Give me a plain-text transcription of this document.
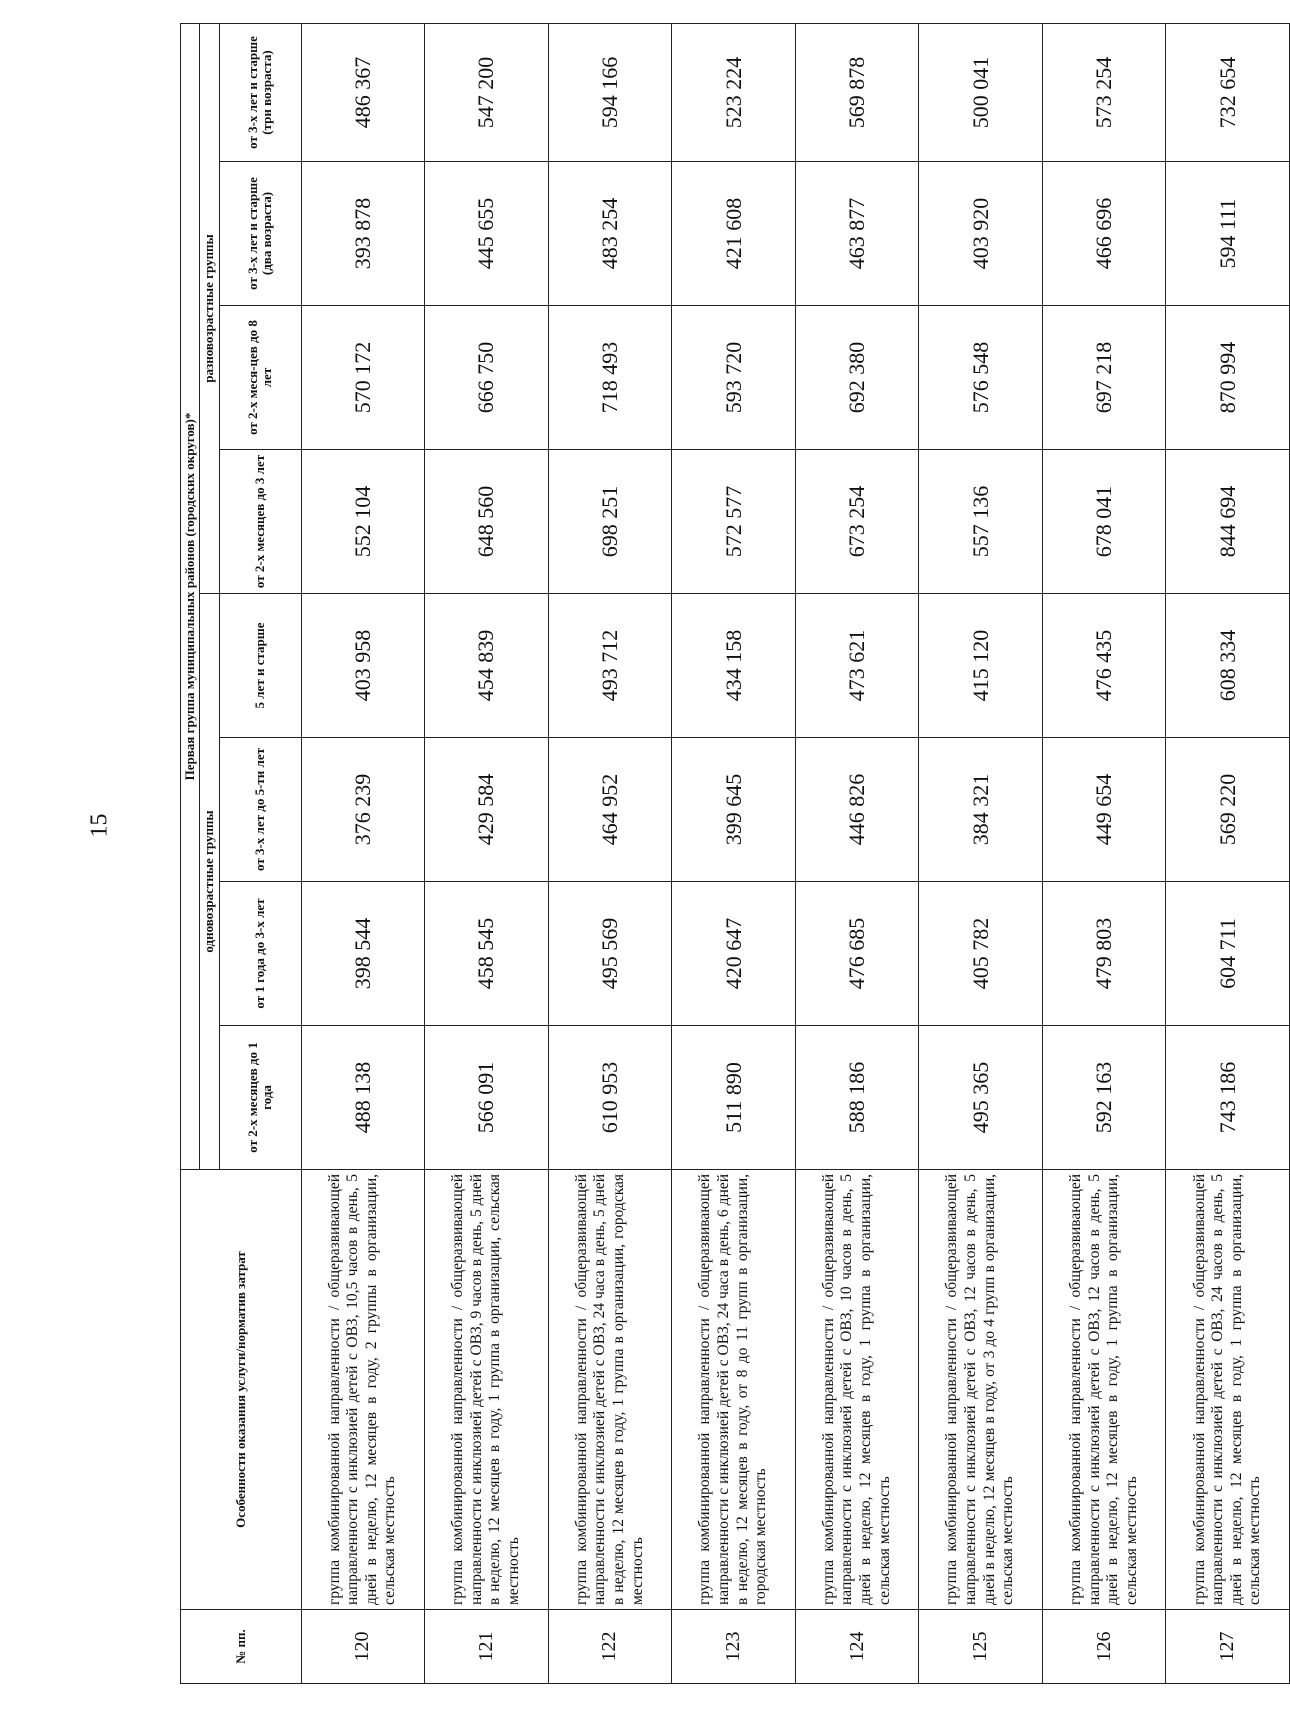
15
№ пп.	Особенности оказания услуги/норматив затрат	Первая группа муниципальных районов (городских округов)*							
		одновозрастные группы				разновозрастные группы			
		от 2-х месяцев до 1 года	от 1 года до 3-х лет	от 3-х лет до 5-ти лет	5 лет и старше	от 2-х месяцев до 3 лет	от 2-х меся-цев до 8 лет	от 3-х лет и старше (два возраста)	от 3-х лет и старше (три возраста)
120	группа комбинированной направленности / общеразвивающей направленности с инклюзией детей с ОВЗ, 10,5 часов в день, 5 дней в неделю, 12 месяцев в году, 2 группы в организации, сельская местность	488 138	398 544	376 239	403 958	552 104	570 172	393 878	486 367
121	группа комбинированной направленности / общеразвивающей направленности с инклюзией детей с ОВЗ, 9 часов в день, 5 дней в неделю, 12 месяцев в году, 1 группа в организации, сельская местность	566 091	458 545	429 584	454 839	648 560	666 750	445 655	547 200
122	группа комбинированной направленности / общеразвивающей направленности с инклюзией детей с ОВЗ, 24 часа в день, 5 дней в неделю, 12 месяцев в году, 1 группа в организации, городская местность	610 953	495 569	464 952	493 712	698 251	718 493	483 254	594 166
123	группа комбинированной направленности / общеразвивающей направленности с инклюзией детей с ОВЗ, 24 часа в день, 6 дней в неделю, 12 месяцев в году, от 8 до 11 групп в организации, городская местность	511 890	420 647	399 645	434 158	572 577	593 720	421 608	523 224
124	группа комбинированной направленности / общеразвивающей направленности с инклюзией детей с ОВЗ, 10 часов в день, 5 дней в неделю, 12 месяцев в году, 1 группа в организации, сельская местность	588 186	476 685	446 826	473 621	673 254	692 380	463 877	569 878
125	группа комбинированной направленности / общеразвивающей направленности с инклюзией детей с ОВЗ, 12 часов в день, 5 дней в неделю, 12 месяцев в году, от 3 до 4 групп в организации, сельская местность	495 365	405 782	384 321	415 120	557 136	576 548	403 920	500 041
126	группа комбинированной направленности / общеразвивающей направленности с инклюзией детей с ОВЗ, 12 часов в день, 5 дней в неделю, 12 месяцев в году, 1 группа в организации, сельская местность	592 163	479 803	449 654	476 435	678 041	697 218	466 696	573 254
127	группа комбинированной направленности / общеразвивающей направленности с инклюзией детей с ОВЗ, 24 часов в день, 5 дней в неделю, 12 месяцев в году, 1 группа в организации, сельская местность	743 186	604 711	569 220	608 334	844 694	870 994	594 111	732 654
